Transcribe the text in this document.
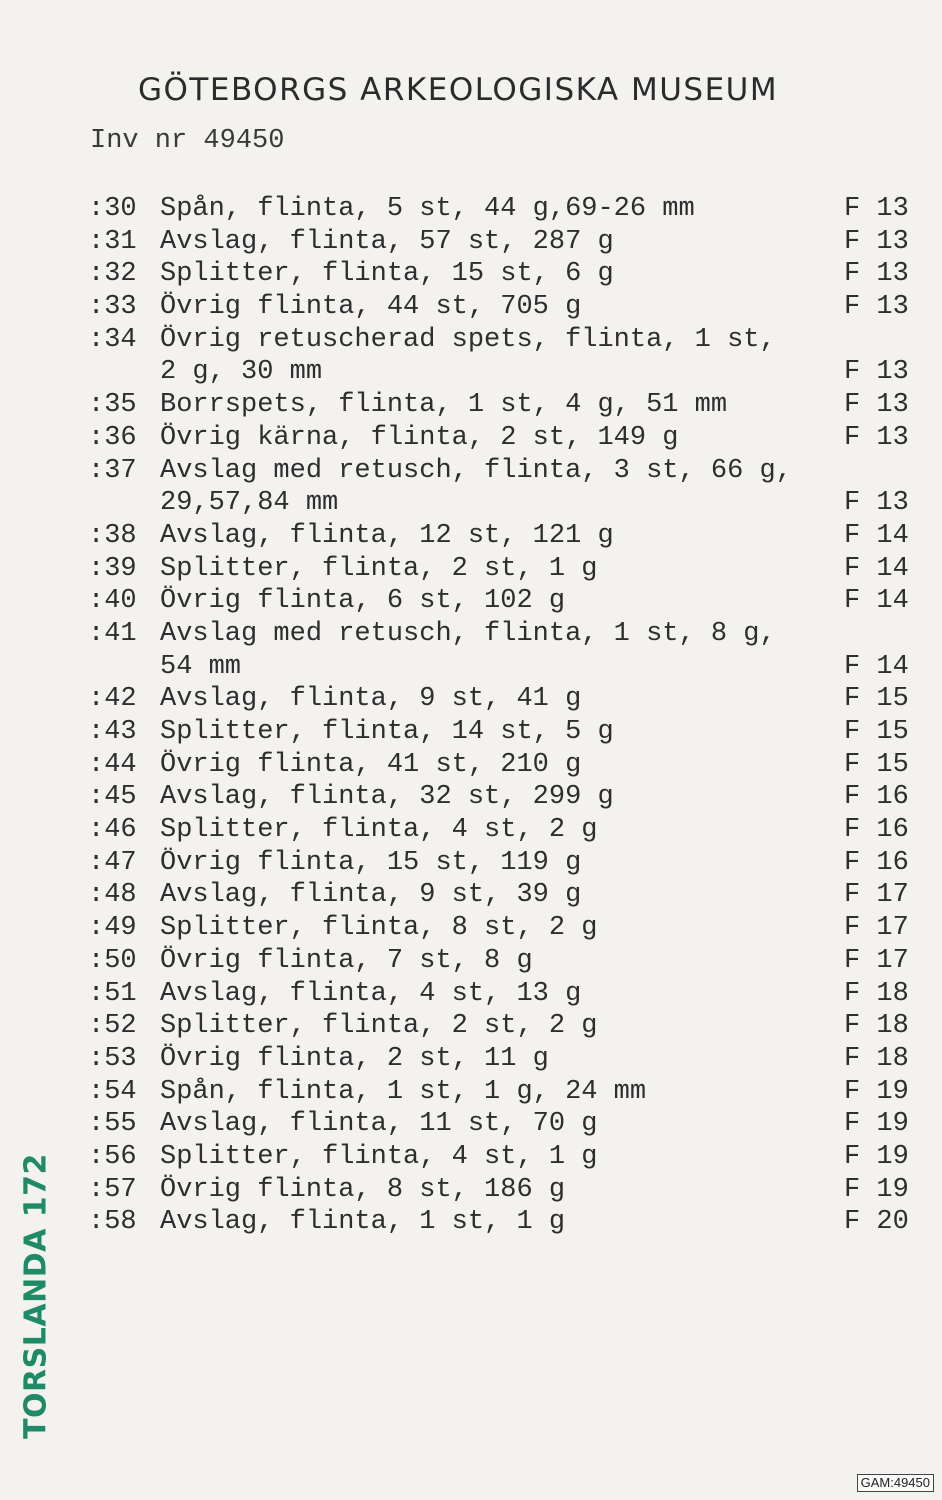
GÖTEBORGS ARKEOLOGISKA MUSEUM
Inv nr 49450
:30 Spån, flinta, 5 st, 44 g,69-26 mm	F 13
:31 Avslag, flinta, 57 st, 287 g	F 13
:32 Splitter, flinta, 15 st, 6 g	F 13
:33 Övrig flinta, 44 st, 705 g	F 13
:34 Övrig retuscherad spets, flinta, 1 st,
2 g, 30 mm	F 13
:35 Borrspets, flinta, 1 st, 4 g, 51 mm	F 13
:36 Övrig kärna, flinta, 2 st, 149 g	F 13
:37 Avslag med retusch, flinta, 3 st, 66 g,
29,57,84 mm	F 13
:38 Avslag, flinta, 12 st, 121 g	F 14
:39 Splitter, flinta, 2 st, 1 g	F 14
:40 Övrig flinta, 6 st, 102 g	F 14
:41 Avslag med retusch, flinta, 1 st, 8 g,
54 mm	F 14
:42 Avslag, flinta, 9 st, 41 g	F 15
:43 Splitter, flinta, 14 st, 5 g	F 15
:44 Övrig flinta, 41 st, 210 g	F 15
:45 Avslag, flinta, 32 st, 299 g	F 16
:46 Splitter, flinta, 4 st, 2 g	F 16
:47 Övrig flinta, 15 st, 119 g	F 16
:48 Avslag, flinta, 9 st, 39 g	F 17
:49 Splitter, flinta, 8 st, 2 g	F 17
:50 Övrig flinta, 7 st, 8 g	F 17
:51 Avslag, flinta, 4 st, 13 g	F 18
:52 Splitter, flinta, 2 st, 2 g	F 18
:53 Övrig flinta, 2 st, 11 g	F 18
:54 Spån, flinta, 1 st, 1 g, 24 mm	F 19
:55 Avslag, flinta, 11 st, 70 g	F 19
:56 Splitter, flinta, 4 st, 1 g	F 19
:57 Övrig flinta, 8 st, 186 g	F 19
:58 Avslag, flinta, 1 st, 1 g	F 20
TORSLANDA 172
GAM:49450
